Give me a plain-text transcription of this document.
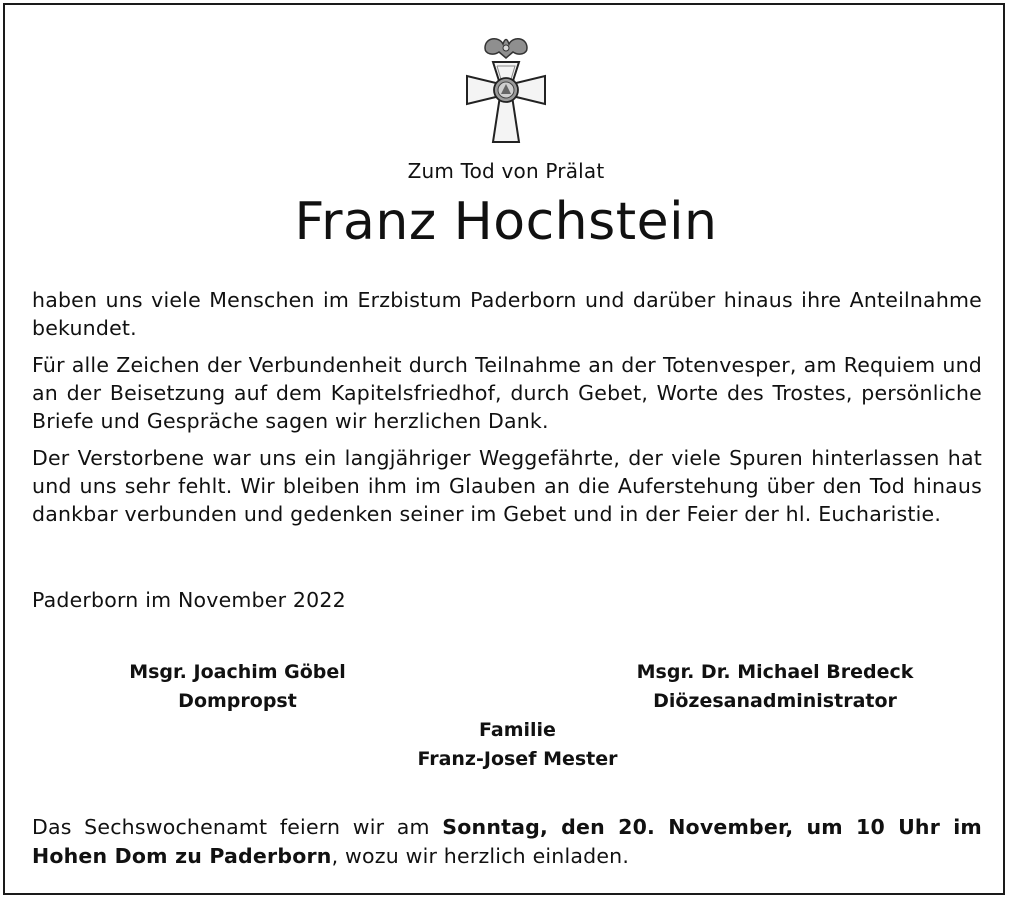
Zum Tod von Prälat
Franz Hochstein

haben uns viele Menschen im Erzbistum Paderborn und darüber hinaus ihre Anteilnahme bekundet.

Für alle Zeichen der Verbundenheit durch Teilnahme an der Totenvesper, am Requiem und an der Beisetzung auf dem Kapitelsfriedhof, durch Gebet, Worte des Trostes, persönliche Briefe und Gespräche sagen wir herzlichen Dank.

Der Verstorbene war uns ein langjähriger Weggefährte, der viele Spuren hinterlassen hat und uns sehr fehlt. Wir bleiben ihm im Glauben an die Auferstehung über den Tod hinaus dankbar verbunden und gedenken seiner im Gebet und in der Feier der hl. Eucharistie.

Paderborn im November 2022
Msgr. Joachim Göbel
Dompropst
Msgr. Dr. Michael Bredeck
Diözesanadministrator
Familie
Franz-Josef Mester
Das Sechswochenamt feiern wir am Sonntag, den 20. November, um 10 Uhr im Hohen Dom zu Paderborn, wozu wir herzlich einladen.
